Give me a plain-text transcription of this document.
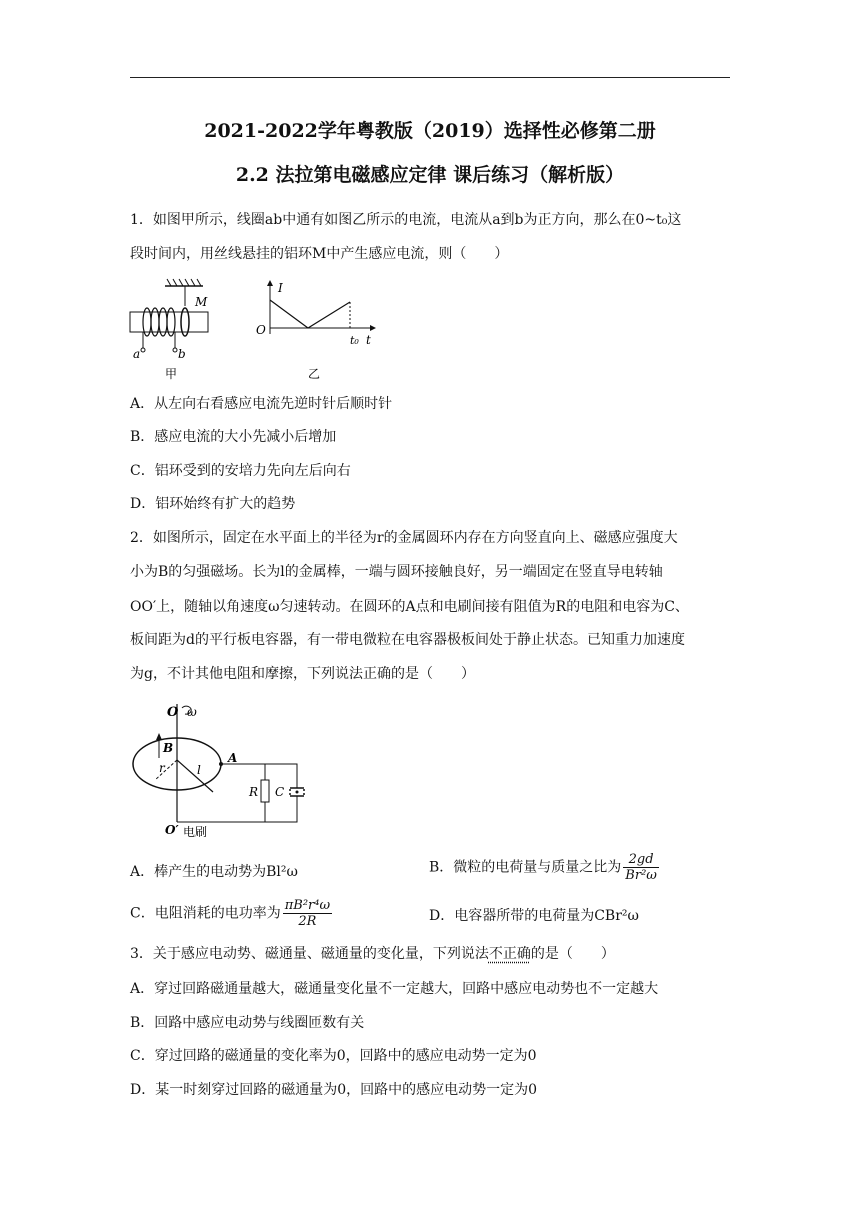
2021-2022学年粤教版（2019）选择性必修第二册
2.2 法拉第电磁感应定律 课后练习（解析版）
1．如图甲所示，线圈ab中通有如图乙所示的电流，电流从a到b为正方向，那么在0~t₀这
段时间内，用丝线悬挂的铝环M中产生感应电流，则（　　）
M
a	b
甲
I
O
t₀ t
乙
A．从左向右看感应电流先逆时针后顺时针
B．感应电流的大小先减小后增加
C．铝环受到的安培力先向左后向右
D．铝环始终有扩大的趋势
2．如图所示，固定在水平面上的半径为r的金属圆环内存在方向竖直向上、磁感应强度大
小为B的匀强磁场。长为l的金属棒，一端与圆环接触良好，另一端固定在竖直导电转轴
OO′上，随轴以角速度ω匀速转动。在圆环的A点和电刷间接有阻值为R的电阻和电容为C、
板间距为d的平行板电容器，有一带电微粒在电容器极板间处于静止状态。已知重力加速度
为g，不计其他电阻和摩擦，下列说法正确的是（　　）
O ω
B
r	l
A
R C
O′ 电刷
A．棒产生的电动势为Bl²ω	B．微粒的电荷量与质量之比为 $\frac{2gd}{\text{Br²ω}}$
C．电阻消耗的电功率为 $\frac{\text{πB²r⁴ω}}{2R}$	D．电容器所带的电荷量为CBr²ω
3．关于感应电动势、磁通量、磁通量的变化量，下列说法不正确的是（　　）
A．穿过回路磁通量越大，磁通量变化量不一定越大，回路中感应电动势也不一定越大
B．回路中感应电动势与线圈匝数有关
C．穿过回路的磁通量的变化率为0，回路中的感应电动势一定为0
D．某一时刻穿过回路的磁通量为0，回路中的感应电动势一定为0
